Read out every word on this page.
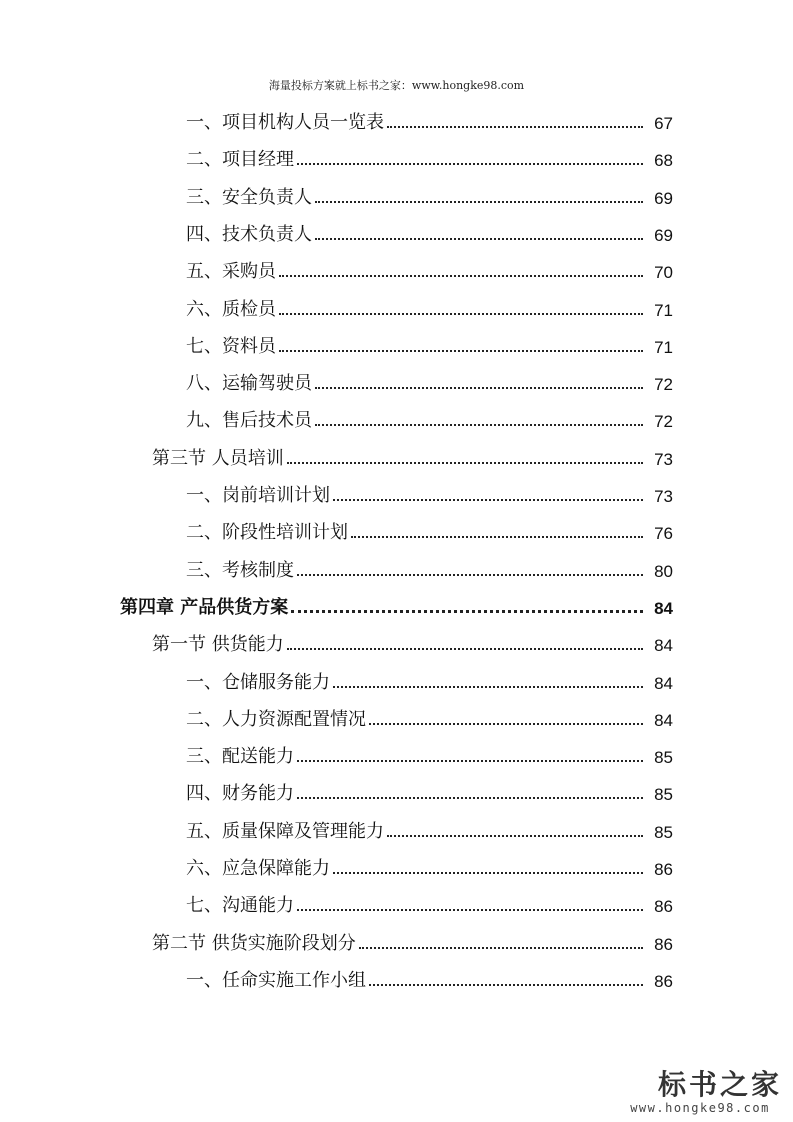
海量投标方案就上标书之家：www.hongke98.com
一、项目机构人员一览表	67
二、项目经理	68
三、安全负责人	69
四、技术负责人	69
五、采购员	70
六、质检员	71
七、资料员	71
八、运输驾驶员	72
九、售后技术员	72
第三节 人员培训	73
一、岗前培训计划	73
二、阶段性培训计划	76
三、考核制度	80
第四章 产品供货方案	84
第一节 供货能力	84
一、仓储服务能力	84
二、人力资源配置情况	84
三、配送能力	85
四、财务能力	85
五、质量保障及管理能力	85
六、应急保障能力	86
七、沟通能力	86
第二节 供货实施阶段划分	86
一、任命实施工作小组	86
标书之家
www.hongke98.com
